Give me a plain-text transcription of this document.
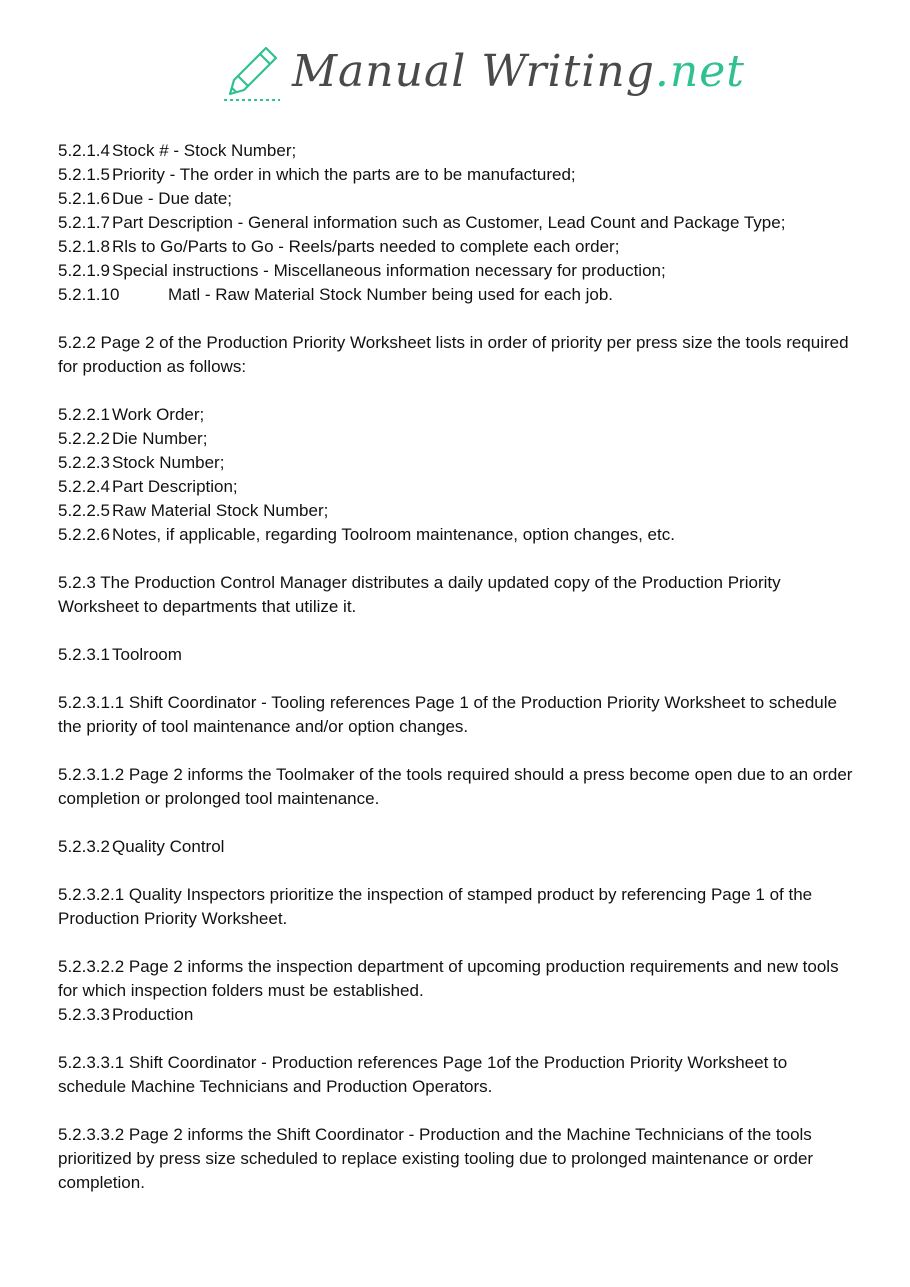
Manual Writing.net
5.2.1.4 Stock # - Stock Number;
5.2.1.5 Priority - The order in which the parts are to be manufactured;
5.2.1.6 Due - Due date;
5.2.1.7 Part Description - General information such as Customer, Lead Count and Package Type;
5.2.1.8 Rls to Go/Parts to Go - Reels/parts needed to complete each order;
5.2.1.9 Special instructions - Miscellaneous information necessary for production;
5.2.1.10	Matl - Raw Material Stock Number being used for each job.
5.2.2 Page 2 of the Production Priority Worksheet lists in order of priority per press size the tools required for production as follows:
5.2.2.1 Work Order;
5.2.2.2 Die Number;
5.2.2.3 Stock Number;
5.2.2.4 Part Description;
5.2.2.5 Raw Material Stock Number;
5.2.2.6 Notes, if applicable, regarding Toolroom maintenance, option changes, etc.
5.2.3 The Production Control Manager distributes a daily updated copy of the Production Priority Worksheet to departments that utilize it.
5.2.3.1 Toolroom
5.2.3.1.1 Shift Coordinator - Tooling references Page 1 of the Production Priority Worksheet to schedule the priority of tool maintenance and/or option changes.
5.2.3.1.2 Page 2 informs the Toolmaker of the tools required should a press become open due to an order completion or prolonged tool maintenance.
5.2.3.2 Quality Control
5.2.3.2.1 Quality Inspectors prioritize the inspection of stamped product by referencing Page 1 of the Production Priority Worksheet.
5.2.3.2.2 Page 2 informs the inspection department of upcoming production requirements and new tools for which inspection folders must be established.
5.2.3.3 Production
5.2.3.3.1 Shift Coordinator - Production references Page 1of the Production Priority Worksheet to schedule Machine Technicians and Production Operators.
5.2.3.3.2 Page 2 informs the Shift Coordinator - Production and the Machine Technicians of the tools prioritized by press size scheduled to replace existing tooling due to prolonged maintenance or order completion.
